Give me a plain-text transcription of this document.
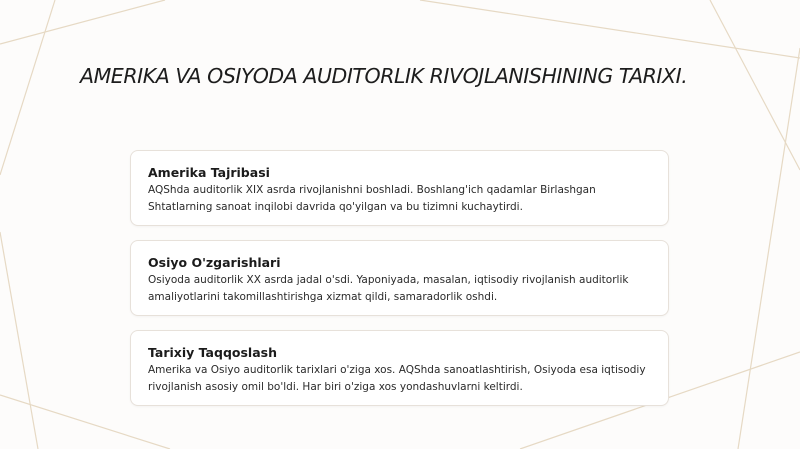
AMERIKA VA OSIYODA AUDITORLIK RIVOJLANISHINING TARIXI.
Amerika Tajribasi
AQShda auditorlik XIX asrda rivojlanishni boshladi. Boshlang'ich qadamlar Birlashgan Shtatlarning sanoat inqilobi davrida qo'yilgan va bu tizimni kuchaytirdi.
Osiyo O'zgarishlari
Osiyoda auditorlik XX asrda jadal o'sdi. Yaponiyada, masalan, iqtisodiy rivojlanish auditorlik amaliyotlarini takomillashtirishga xizmat qildi, samaradorlik oshdi.
Tarixiy Taqqoslash
Amerika va Osiyo auditorlik tarixlari o'ziga xos. AQShda sanoatlashtirish, Osiyoda esa iqtisodiy rivojlanish asosiy omil bo'ldi. Har biri o'ziga xos yondashuvlarni keltirdi.
